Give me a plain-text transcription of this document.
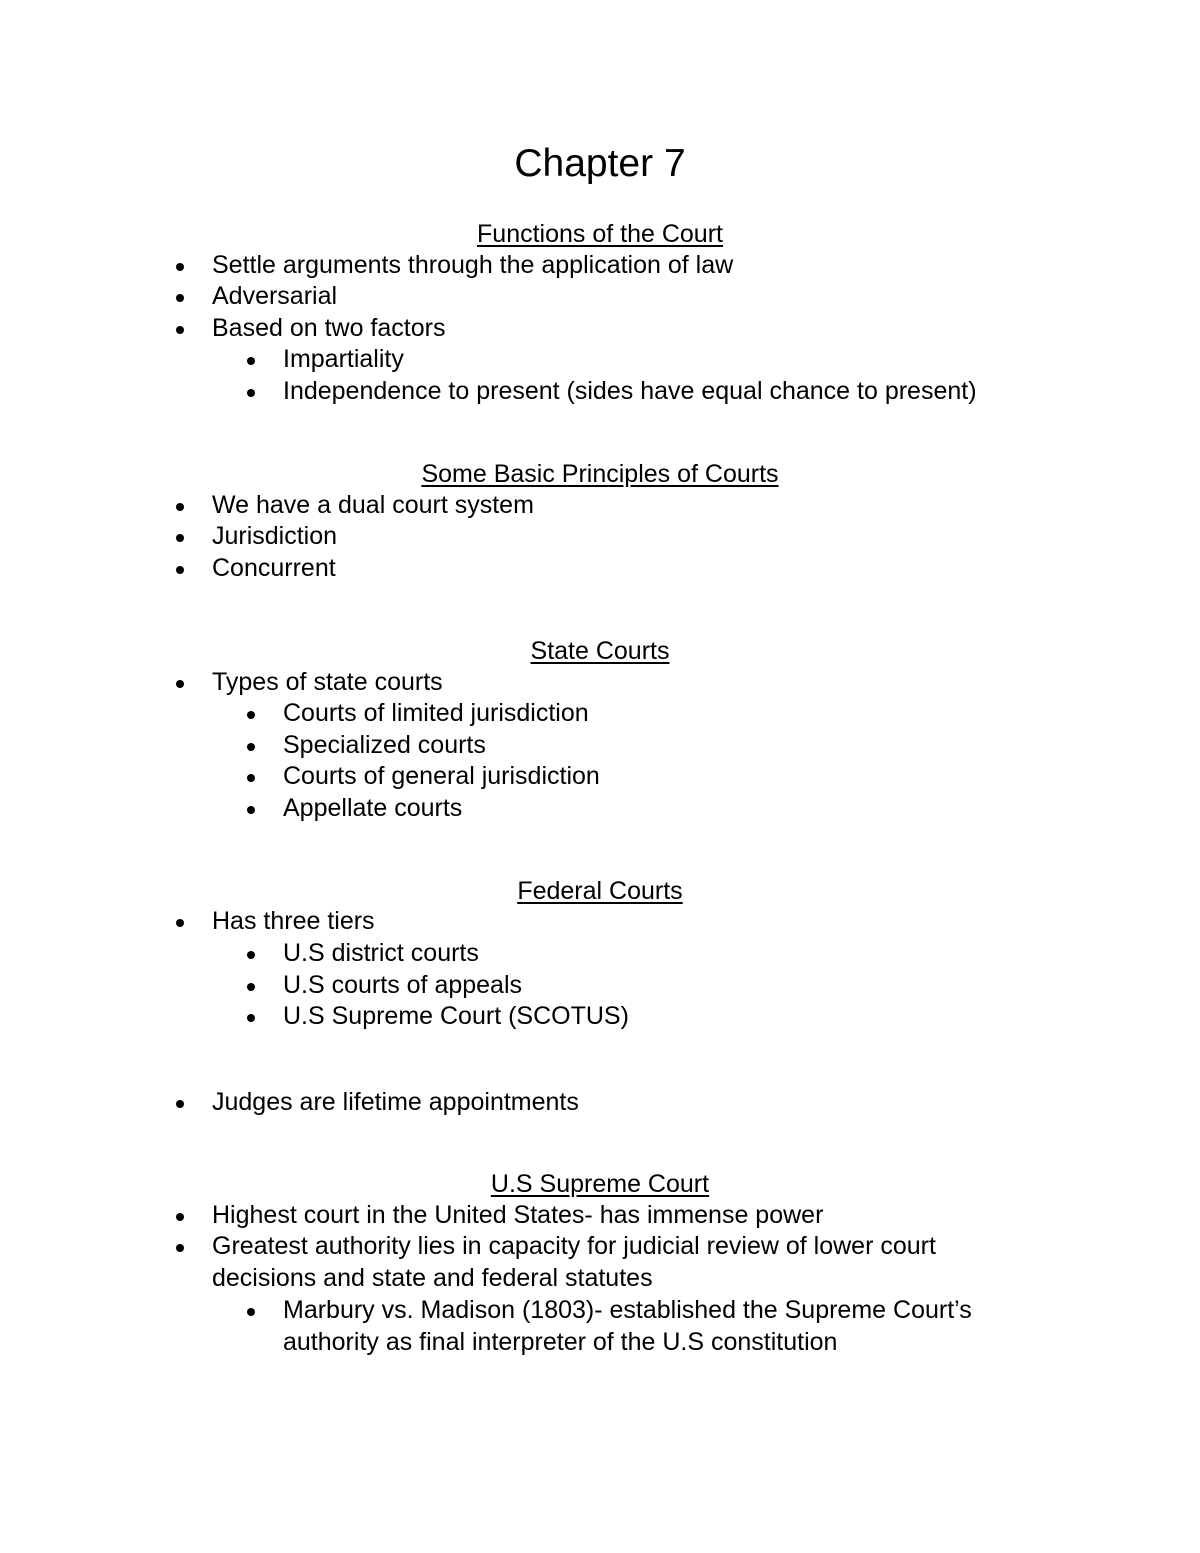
Chapter 7
Functions of the Court
Settle arguments through the application of law
Adversarial
Based on two factors
Impartiality
Independence to present (sides have equal chance to present)
Some Basic Principles of Courts
We have a dual court system
Jurisdiction
Concurrent
State Courts
Types of state courts
Courts of limited jurisdiction
Specialized courts
Courts of general jurisdiction
Appellate courts
Federal Courts
Has three tiers
U.S district courts
U.S courts of appeals
U.S Supreme Court (SCOTUS)
Judges are lifetime appointments
U.S Supreme Court
Highest court in the United States- has immense power
Greatest authority lies in capacity for judicial review of lower court decisions and state and federal statutes
Marbury vs. Madison (1803)- established the Supreme Court’s authority as final interpreter of the U.S constitution
